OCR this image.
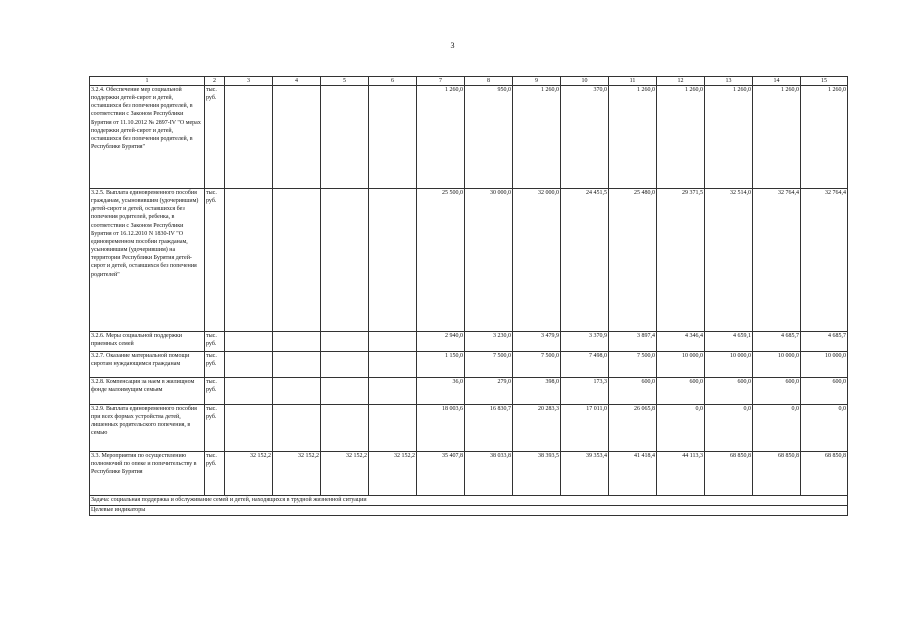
3
1	2	3	4	5	6	7	8	9	10	11	12	13	14	15
3.2.4. Обеспечение мер социальной поддержки детей-сирот и детей, оставшихся без попечения родителей, в соответствии с Законом Республики Бурятия от 11.10.2012 № 2897-IV "О мерах поддержки детей-сирот и детей, оставшихся без попечения родителей, в Республике Бурятия"	тыс. руб.					1 260,0	950,0	1 260,0	370,0	1 260,0	1 260,0	1 260,0	1 260,0	1 260,0
3.2.5. Выплата единовременного пособия гражданам, усыновившим (удочерившим) детей-сирот и детей, оставшихся без попечения родителей, ребенка, в соответствии с Законом Республики Бурятия от 16.12.2010 N 1830-IV "О единовременном пособии гражданам, усыновившим (удочерившим) на территории Республики Бурятия детей-сирот и детей, оставшихся без попечения родителей"	тыс. руб.					25 500,0	30 000,0	32 000,0	24 451,5	25 480,0	29 371,5	32 514,0	32 764,4	32 764,4
3.2.6. Меры социальной поддержки приемных семей	тыс. руб.					2 940,0	3 230,0	3 479,9	3 370,9	3 897,4	4 346,4	4 659,1	4 685,7	4 685,7
3.2.7. Оказание материальной помощи сиротам нуждающимся гражданам	тыс. руб.					1 150,0	7 500,0	7 500,0	7 498,0	7 500,0	10 000,0	10 000,0	10 000,0	10 000,0
3.2.8. Компенсация за наем в жилищном фонде малоимущим семьям	тыс. руб.					36,0	279,0	398,0	173,3	600,0	600,0	600,0	600,0	600,0
3.2.9. Выплата единовременного пособия при всех формах устройства детей, лишенных родительского попечения, в семью	тыс. руб.					18 003,6	16 830,7	20 283,3	17 011,0	26 065,8	0,0	0,0	0,0	0,0
3.3. Мероприятия по осуществлению полномочий по опеке и попечительству в Республике Бурятия	тыс. руб.	32 152,2	32 152,2	32 152,2	32 152,2	35 407,8	38 033,8	38 393,5	39 353,4	41 418,4	44 113,3	68 850,8	68 850,8	68 850,8
Задача: социальная поддержка и обслуживание семей и детей, находящихся в трудной жизненной ситуации														
Целевые индикаторы														
